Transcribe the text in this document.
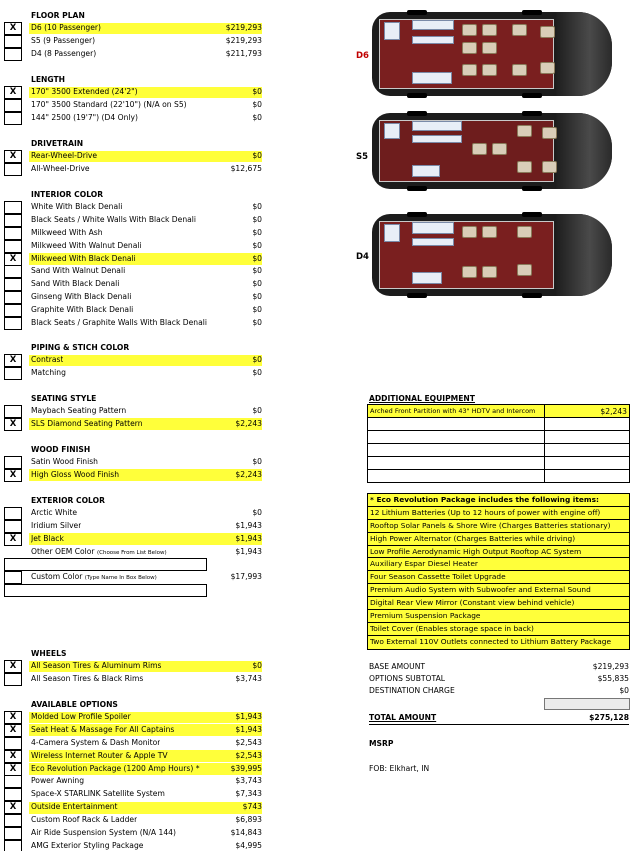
FLOOR PLAN
X	D6 (10 Passenger)	$219,293
S5 (9 Passenger)	$219,293
D4 (8 Passenger)	$211,793
LENGTH
X	170" 3500 Extended (24'2")	$0
170" 3500 Standard (22'10") (N/A on S5)	$0
144" 2500 (19'7") (D4 Only)	$0
DRIVETRAIN
X	Rear-Wheel-Drive	$0
All-Wheel-Drive	$12,675
INTERIOR COLOR
White With Black Denali	$0
Black Seats / White Walls With Black Denali	$0
Milkweed With Ash	$0
Milkweed With Walnut Denali	$0
X	Milkweed With Black Denali	$0
Sand With Walnut Denali	$0
Sand With Black Denali	$0
Ginseng With Black Denali	$0
Graphite With Black Denali	$0
Black Seats / Graphite Walls With Black Denali	$0
PIPING & STICH COLOR
X	Contrast	$0
Matching	$0
SEATING STYLE
Maybach Seating Pattern	$0
X	SLS Diamond Seating Pattern	$2,243
WOOD FINISH
Satin Wood Finish	$0
X	High Gloss Wood Finish	$2,243
EXTERIOR COLOR
Arctic White	$0
Iridium Silver	$1,943
X	Jet Black	$1,943
Other OEM Color (Choose From List Below)	$1,943
Custom Color (Type Name In Box Below)	$17,993
WHEELS
X	All Season Tires & Aluminum Rims	$0
All Season Tires & Black Rims	$3,743
AVAILABLE OPTIONS
X	Molded Low Profile Spoiler	$1,943
X	Seat Heat & Massage For All Captains	$1,943
4-Camera System & Dash Monitor	$2,543
X	Wireless Internet Router & Apple TV	$2,543
X	Eco Revolution Package (1200 Amp Hours) *	$39,995
Power Awning	$3,743
Space-X STARLINK Satellite System	$7,343
X	Outside Entertainment	$743
Custom Roof Rack & Ladder	$6,893
Air Ride Suspension System (N/A 144)	$14,843
AMG Exterior Styling Package	$4,995
D6
S5
D4
ADDITIONAL EQUIPMENT
Arched Front Partition with 43" HDTV and Intercom	$2,243

* Eco Revolution Package includes the following items:
12 Lithium Batteries (Up to 12 hours of power with engine off)
Rooftop Solar Panels & Shore Wire (Charges Batteries stationary)
High Power Alternator (Charges Batteries while driving)
Low Profile Aerodynamic High Output Rooftop AC System
Auxiliary Espar Diesel Heater
Four Season Cassette Toilet Upgrade
Premium Audio System with Subwoofer and External Sound
Digital Rear View Mirror (Constant view behind vehicle)
Premium Suspension Package
Toilet Cover (Enables storage space in back)
Two External 110V Outlets connected to Lithium Battery Package
BASE AMOUNT	$219,293
OPTIONS SUBTOTAL	$55,835
DESTINATION CHARGE	$0
TOTAL AMOUNT	$275,128
MSRP
FOB: Elkhart, IN
